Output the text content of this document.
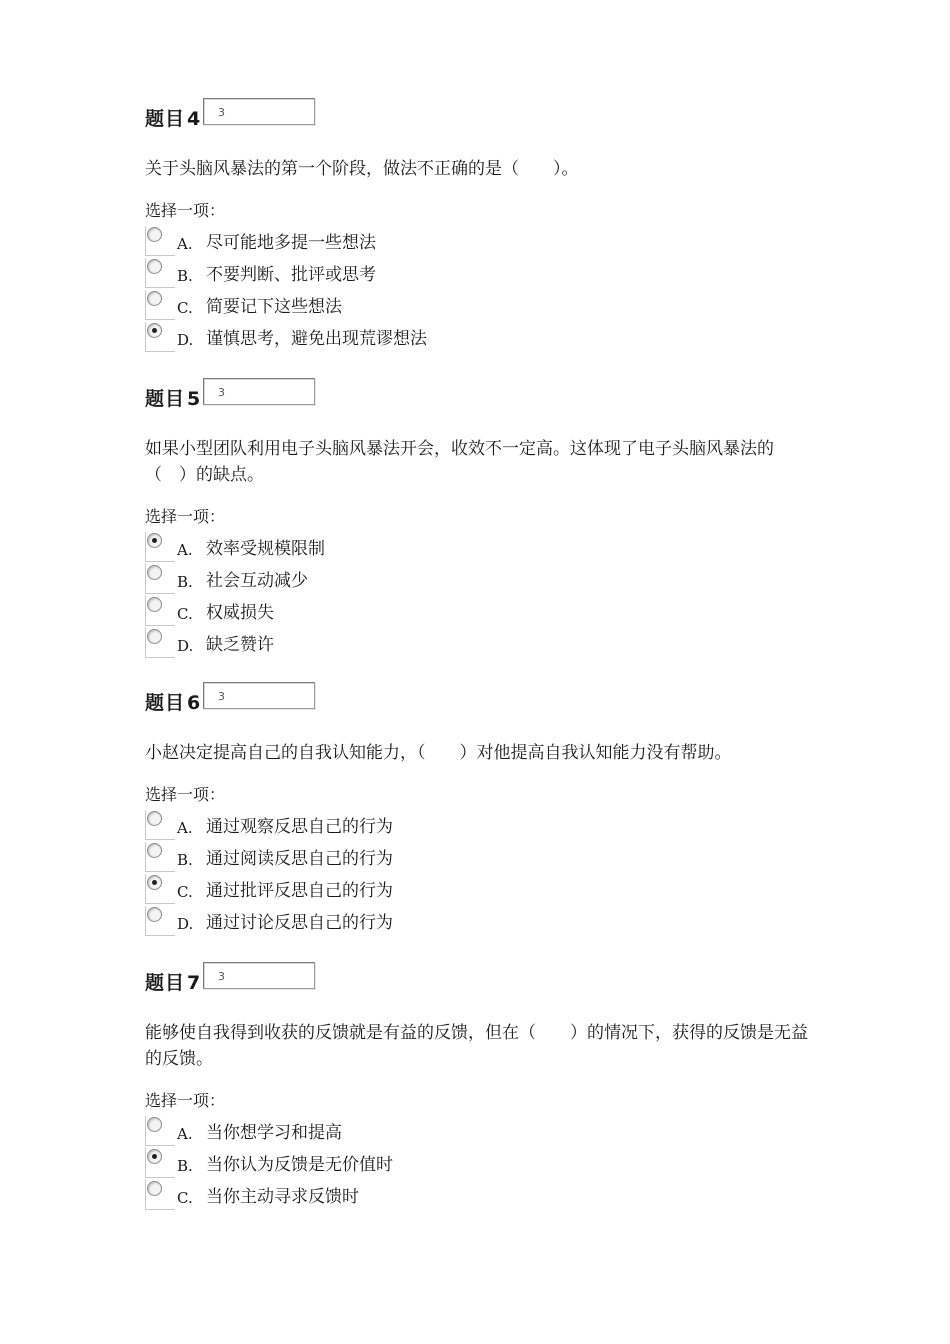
题目 4	3
关于头脑风暴法的第一个阶段，做法不正确的是（　　）。
选择一项：
A. 尽可能地多提一些想法
B. 不要判断、批评或思考
C. 简要记下这些想法
D. 谨慎思考，避免出现荒谬想法
题目 5	3
如果小型团队利用电子头脑风暴法开会，收效不一定高。这体现了电子头脑风暴法的（　）的缺点。
选择一项：
A. 效率受规模限制
B. 社会互动减少
C. 权威损失
D. 缺乏赞许
题目 6	3
小赵决定提高自己的自我认知能力，（　　）对他提高自我认知能力没有帮助。
选择一项：
A. 通过观察反思自己的行为
B. 通过阅读反思自己的行为
C. 通过批评反思自己的行为
D. 通过讨论反思自己的行为
题目 7	3
能够使自我得到收获的反馈就是有益的反馈，但在（　　）的情况下，获得的反馈是无益的反馈。
选择一项：
A. 当你想学习和提高
B. 当你认为反馈是无价值时
C. 当你主动寻求反馈时
